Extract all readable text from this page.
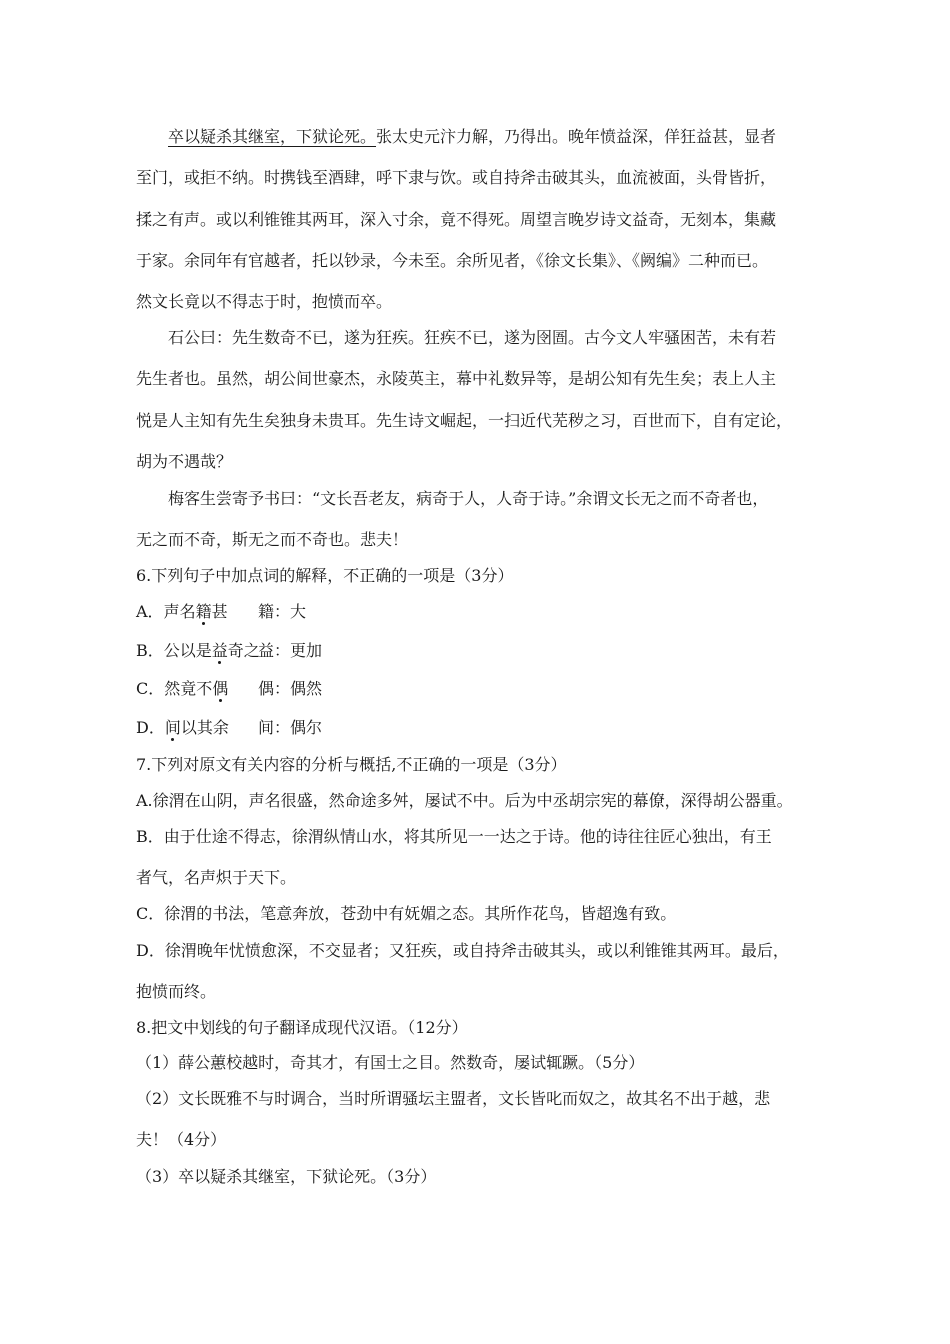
卒以疑杀其继室，下狱论死。张太史元汴力解，乃得出。晚年愤益深，佯狂益甚，显者
至门，或拒不纳。时携钱至酒肆，呼下隶与饮。或自持斧击破其头，血流被面，头骨皆折，
揉之有声。或以利锥锥其两耳，深入寸余，竟不得死。周望言晚岁诗文益奇，无刻本，集藏
于家。余同年有官越者，托以钞录，今未至。余所见者，《徐文长集》、《阙编》二种而已。
然文长竟以不得志于时，抱愤而卒。
石公曰：先生数奇不已，遂为狂疾。狂疾不已，遂为囹圄。古今文人牢骚困苦，未有若
先生者也。虽然，胡公间世豪杰，永陵英主，幕中礼数异等，是胡公知有先生矣；表上人主
悦是人主知有先生矣独身未贵耳。先生诗文崛起，一扫近代芜秽之习，百世而下，自有定论，
胡为不遇哉？
梅客生尝寄予书曰：“文长吾老友，病奇于人，人奇于诗。”余谓文长无之而不奇者也，
无之而不奇，斯无之而不奇也。悲夫！
6.下列句子中加点词的解释，不正确的一项是（3分）
A．声名籍甚 籍：大
B．公以是益奇之益：更加
C．然竟不偶 偶：偶然
D．间以其余 间：偶尔
7.下列对原文有关内容的分析与概括,不正确的一项是（3分）
A.徐渭在山阴，声名很盛，然命途多舛，屡试不中。后为中丞胡宗宪的幕僚，深得胡公器重。
B．由于仕途不得志，徐渭纵情山水，将其所见一一达之于诗。他的诗往往匠心独出，有王
者气，名声炽于天下。
C．徐渭的书法，笔意奔放，苍劲中有妩媚之态。其所作花鸟，皆超逸有致。
D．徐渭晚年忧愤愈深，不交显者；又狂疾，或自持斧击破其头，或以利锥锥其两耳。最后，
抱愤而终。
8.把文中划线的句子翻译成现代汉语。（12分）
（1）薛公蕙校越时，奇其才，有国士之目。然数奇，屡试辄蹶。（5分）
（2）文长既雅不与时调合，当时所谓骚坛主盟者，文长皆叱而奴之，故其名不出于越，悲
夫！（4分）
（3）卒以疑杀其继室，下狱论死。（3分）
